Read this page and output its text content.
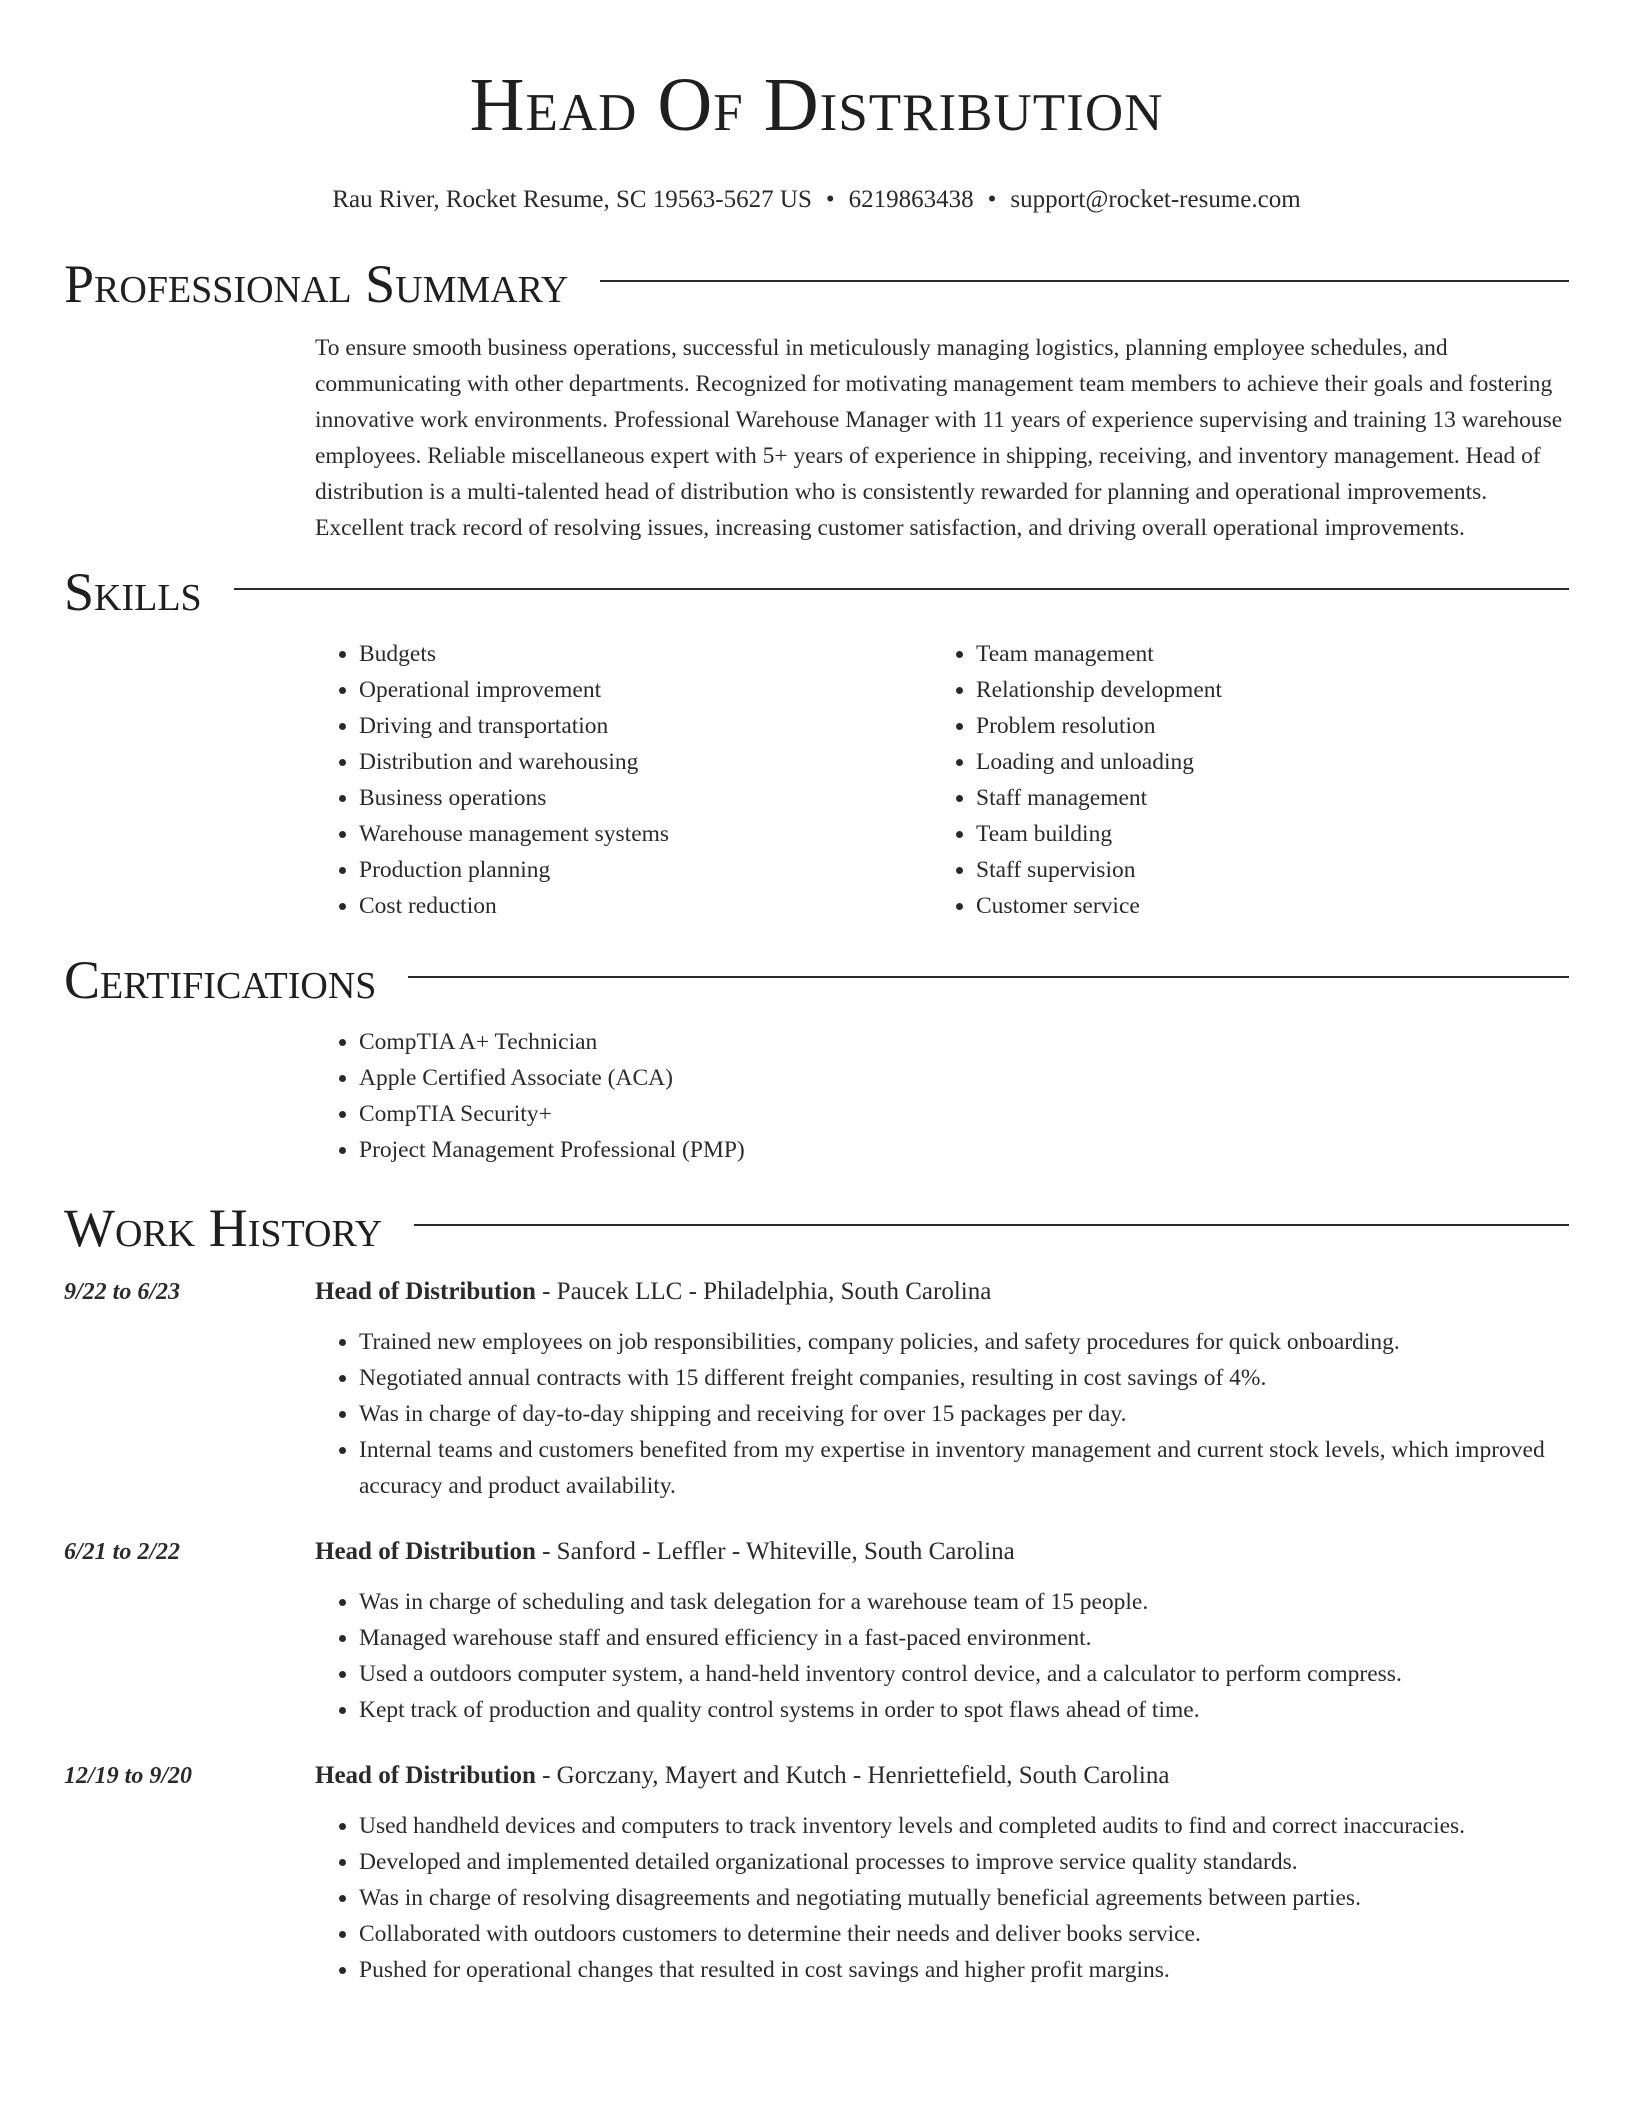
Head Of Distribution
Rau River, Rocket Resume, SC 19563-5627 US • 6219863438 • support@rocket-resume.com
Professional Summary

To ensure smooth business operations, successful in meticulously managing logistics, planning employee schedules, and communicating with other departments. Recognized for motivating management team members to achieve their goals and fostering innovative work environments. Professional Warehouse Manager with 11 years of experience supervising and training 13 warehouse employees. Reliable miscellaneous expert with 5+ years of experience in shipping, receiving, and inventory management. Head of distribution is a multi-talented head of distribution who is consistently rewarded for planning and operational improvements. Excellent track record of resolving issues, increasing customer satisfaction, and driving overall operational improvements.

Skills
• Budgets
• Operational improvement
• Driving and transportation
• Distribution and warehousing
• Business operations
• Warehouse management systems
• Production planning
• Cost reduction
• Team management
• Relationship development
• Problem resolution
• Loading and unloading
• Staff management
• Team building
• Staff supervision
• Customer service
Certifications
• CompTIA A+ Technician
• Apple Certified Associate (ACA)
• CompTIA Security+
• Project Management Professional (PMP)
Work History
9/22 to 6/23	Head of Distribution - Paucek LLC - Philadelphia, South Carolina
• Trained new employees on job responsibilities, company policies, and safety procedures for quick onboarding.
• Negotiated annual contracts with 15 different freight companies, resulting in cost savings of 4%.
• Was in charge of day-to-day shipping and receiving for over 15 packages per day.
• Internal teams and customers benefited from my expertise in inventory management and current stock levels, which improved accuracy and product availability.
6/21 to 2/22	Head of Distribution - Sanford - Leffler - Whiteville, South Carolina
• Was in charge of scheduling and task delegation for a warehouse team of 15 people.
• Managed warehouse staff and ensured efficiency in a fast-paced environment.
• Used a outdoors computer system, a hand-held inventory control device, and a calculator to perform compress.
• Kept track of production and quality control systems in order to spot flaws ahead of time.
12/19 to 9/20	Head of Distribution - Gorczany, Mayert and Kutch - Henriettefield, South Carolina
• Used handheld devices and computers to track inventory levels and completed audits to find and correct inaccuracies.
• Developed and implemented detailed organizational processes to improve service quality standards.
• Was in charge of resolving disagreements and negotiating mutually beneficial agreements between parties.
• Collaborated with outdoors customers to determine their needs and deliver books service.
• Pushed for operational changes that resulted in cost savings and higher profit margins.
